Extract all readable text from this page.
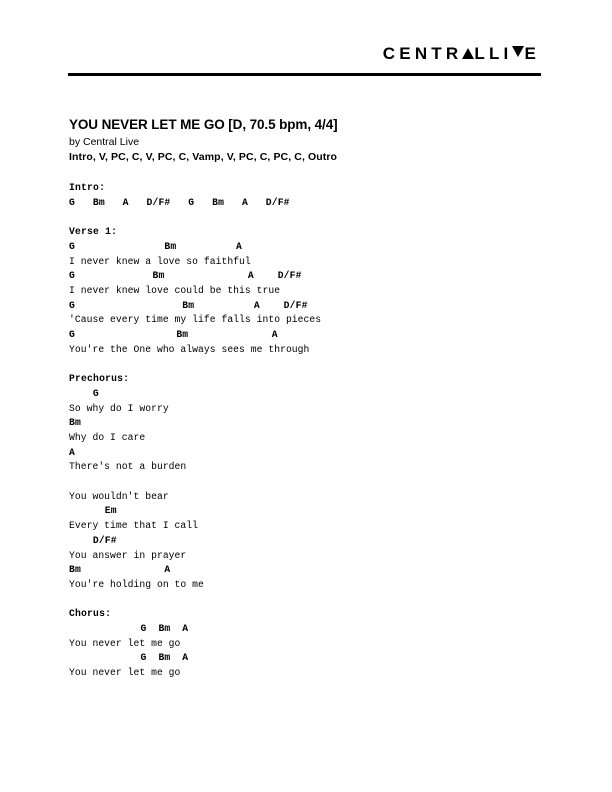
CENTR LLI E
YOU NEVER LET ME GO [D, 70.5 bpm, 4/4]
by Central Live
Intro, V, PC, C, V, PC, C, Vamp, V, PC, C, PC, C, Outro
Intro:
G   Bm   A   D/F#   G   Bm   A   D/F#

Verse 1:
G               Bm          A
I never knew a love so faithful
G             Bm              A    D/F#
I never knew love could be this true
G                  Bm          A    D/F#
'Cause every time my life falls into pieces
G                 Bm              A
You're the One who always sees me through

Prechorus:
G
So why do I worry
Bm
Why do I care
A
There's not a burden

You wouldn't bear
Em
Every time that I call
D/F#
You answer in prayer
Bm              A
You're holding on to me

Chorus:
G  Bm  A
You never let me go
G  Bm  A
You never let me go
